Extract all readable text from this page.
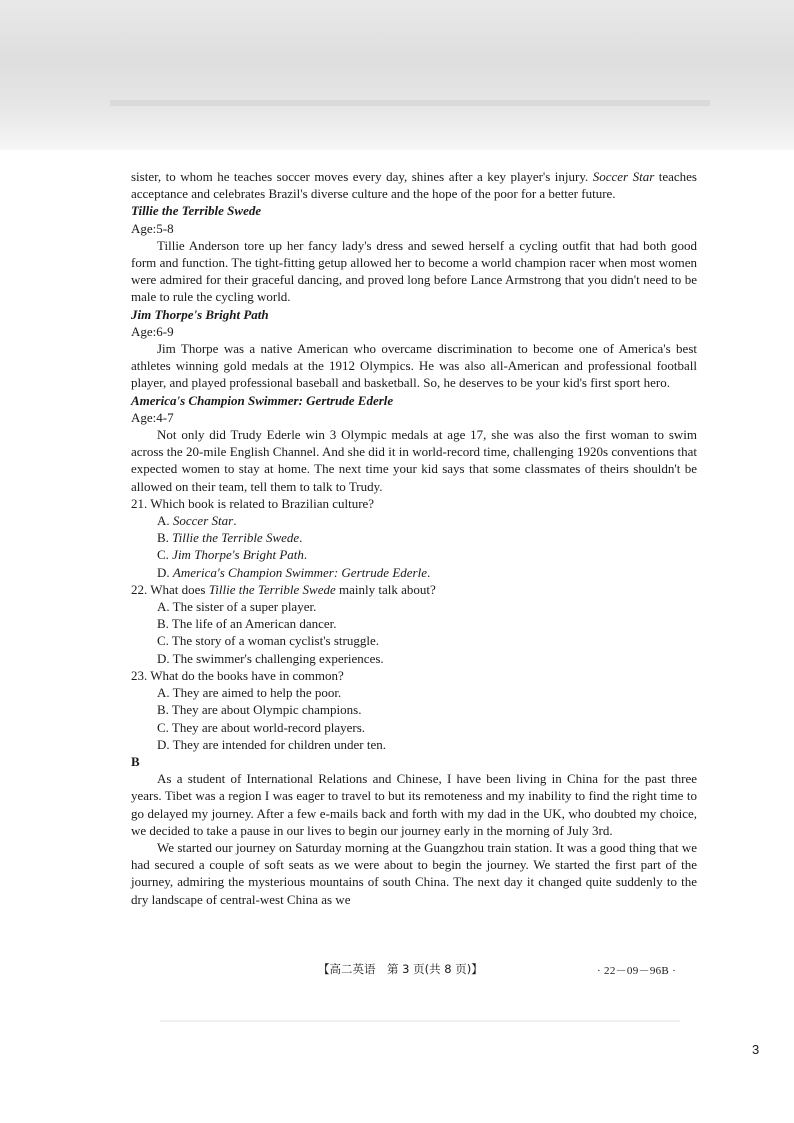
sister, to whom he teaches soccer moves every day, shines after a key player's injury. Soccer Star teaches acceptance and celebrates Brazil's diverse culture and the hope of the poor for a better future.

Tillie the Terrible Swede

Age:5-8

Tillie Anderson tore up her fancy lady's dress and sewed herself a cycling outfit that had both good form and function. The tight-fitting getup allowed her to become a world champion racer when most women were admired for their graceful dancing, and proved long before Lance Armstrong that you didn't need to be male to rule the cycling world.

Jim Thorpe's Bright Path

Age:6-9

Jim Thorpe was a native American who overcame discrimination to become one of America's best athletes winning gold medals at the 1912 Olympics. He was also all-American and professional football player, and played professional baseball and basketball. So, he deserves to be your kid's first sport hero.

America's Champion Swimmer: Gertrude Ederle

Age:4-7

Not only did Trudy Ederle win 3 Olympic medals at age 17, she was also the first woman to swim across the 20-mile English Channel. And she did it in world-record time, challenging 1920s conventions that expected women to stay at home. The next time your kid says that some classmates of theirs shouldn't be allowed on their team, tell them to talk to Trudy.

21. Which book is related to Brazilian culture?

A. Soccer Star.

B. Tillie the Terrible Swede.

C. Jim Thorpe's Bright Path.

D. America's Champion Swimmer: Gertrude Ederle.

22. What does Tillie the Terrible Swede mainly talk about?

A. The sister of a super player.

B. The life of an American dancer.

C. The story of a woman cyclist's struggle.

D. The swimmer's challenging experiences.

23. What do the books have in common?

A. They are aimed to help the poor.

B. They are about Olympic champions.

C. They are about world-record players.

D. They are intended for children under ten.

B

As a student of International Relations and Chinese, I have been living in China for the past three years. Tibet was a region I was eager to travel to but its remoteness and my inability to find the right time to go delayed my journey. After a few e-mails back and forth with my dad in the UK, who doubted my choice, we decided to take a pause in our lives to begin our journey early in the morning of July 3rd.

We started our journey on Saturday morning at the Guangzhou train station. It was a good thing that we had secured a couple of soft seats as we were about to begin the journey. We started the first part of the journey, admiring the mysterious mountains of south China. The next day it changed quite suddenly to the dry landscape of central-west China as we

【高二英语　第 3 页(共 8 页)】	· 22－09－96B ·
3
